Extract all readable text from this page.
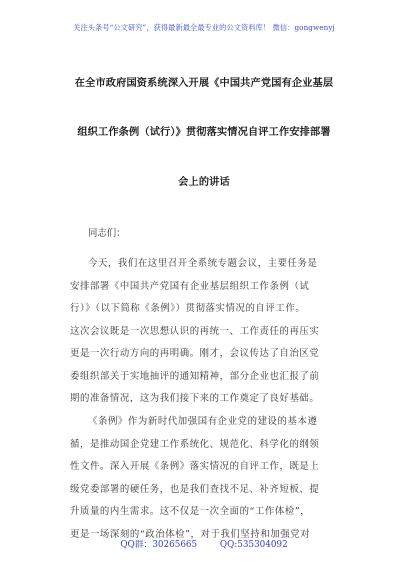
关注头条号“公文研究”，获得最新最全最专业的公文资料库！ 微信：gongwenyj
在全市政府国资系统深入开展《中国共产党国有企业基层
组织工作条例（试行）》贯彻落实情况自评工作安排部署
会上的讲话
同志们：
今天，我们在这里召开全系统专题会议，主要任务是
安排部署《中国共产党国有企业基层组织工作条例（试
行）》（以下简称《条例》）贯彻落实情况的自评工作。
这次会议既是一次思想认识的再统一、工作责任的再压实
更是一次行动方向的再明确。刚才，会议传达了自治区党
委组织部关于实地抽评的通知精神，部分企业也汇报了前
期的准备情况，这为我们接下来的工作奠定了良好基础。
《条例》作为新时代加强国有企业党的建设的基本遵
循，是推动国企党建工作系统化、规范化、科学化的纲领
性文件。深入开展《条例》落实情况的自评工作，既是上
级党委部署的硬任务，也是我们查找不足、补齐短板、提
升质量的内生需求。这不仅是一次全面的“工作体检”，
更是一场深刻的“政治体检”，对于我们坚持和加强党对
QQ群：30265665	QQ:535304092
